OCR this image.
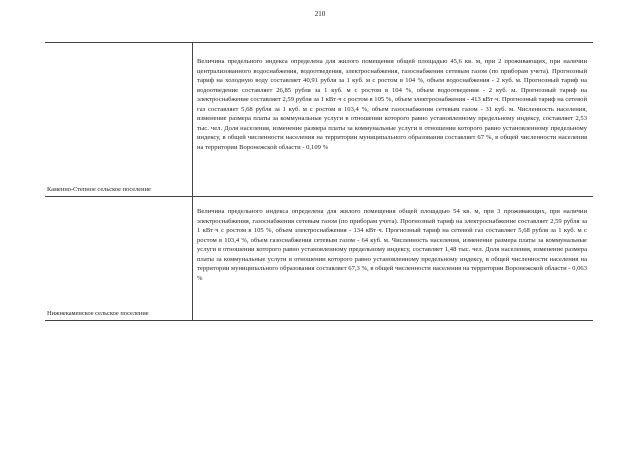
210
Каменно-Степное сельское поселение	Величина предельного индекса определена для жилого помещения общей площадью 45,6 кв. м, при 2 проживающих, при наличии централизованного водоснабжения, водоотведения, электроснабжения, газоснабжения сетевым газом (по приборам учета). Прогнозный тариф на холодную воду составляет 40,91 рубля за 1 куб. м с ростом в 104 %, объем водоснабжения - 2 куб. м. Прогнозный тариф на водоотведение составляет 26,85 рубля за 1 куб. м с ростом в 104 %, объем водоотведения - 2 куб. м. Прогнозный тариф на электроснабжение составляет 2,59 рубля за 1 кВт·ч с ростом в 105 %, объем электроснабжения - 413 кВт·ч. Прогнозный тариф на сетевой газ составляет 5,68 рубля за 1 куб. м с ростом в 103,4 %, объем газоснабжения сетевым газом - 31 куб. м. Численность населения, изменение размера платы за коммунальные услуги в отношении которого равно установленному предельному индексу, составляет 2,53 тыс. чел. Доля населения, изменение размера платы за коммунальные услуги в отношении которого равно установленному предельному индексу, в общей численности населения на территории муниципального образования составляет 67 %, в общей численности населения на территории Воронежской области - 0,109 %

Нижнекаменское сельское поселение	Величина предельного индекса определена для жилого помещения общей площадью 54 кв. м, при 3 проживающих, при наличии электроснабжения, газоснабжения сетевым газом (по приборам учета). Прогнозный тариф на электроснабжение составляет 2,59 рубля за 1 кВт·ч с ростом в 105 %, объем электроснабжения - 134 кВт·ч. Прогнозный тариф на сетевой газ составляет 5,68 рубля за 1 куб. м с ростом в 103,4 %, объем газоснабжения сетевым газом - 64 куб. м. Численность населения, изменение размера платы за коммунальные услуги в отношении которого равно установленному предельному индексу, составляет 1,48 тыс. чел. Доля населения, изменение размера платы за коммунальные услуги в отношении которого равно установленному предельному индексу, в общей численности населения на территории муниципального образования составляет 67,3 %, в общей численности населения на территории Воронежской области - 0,063 %
